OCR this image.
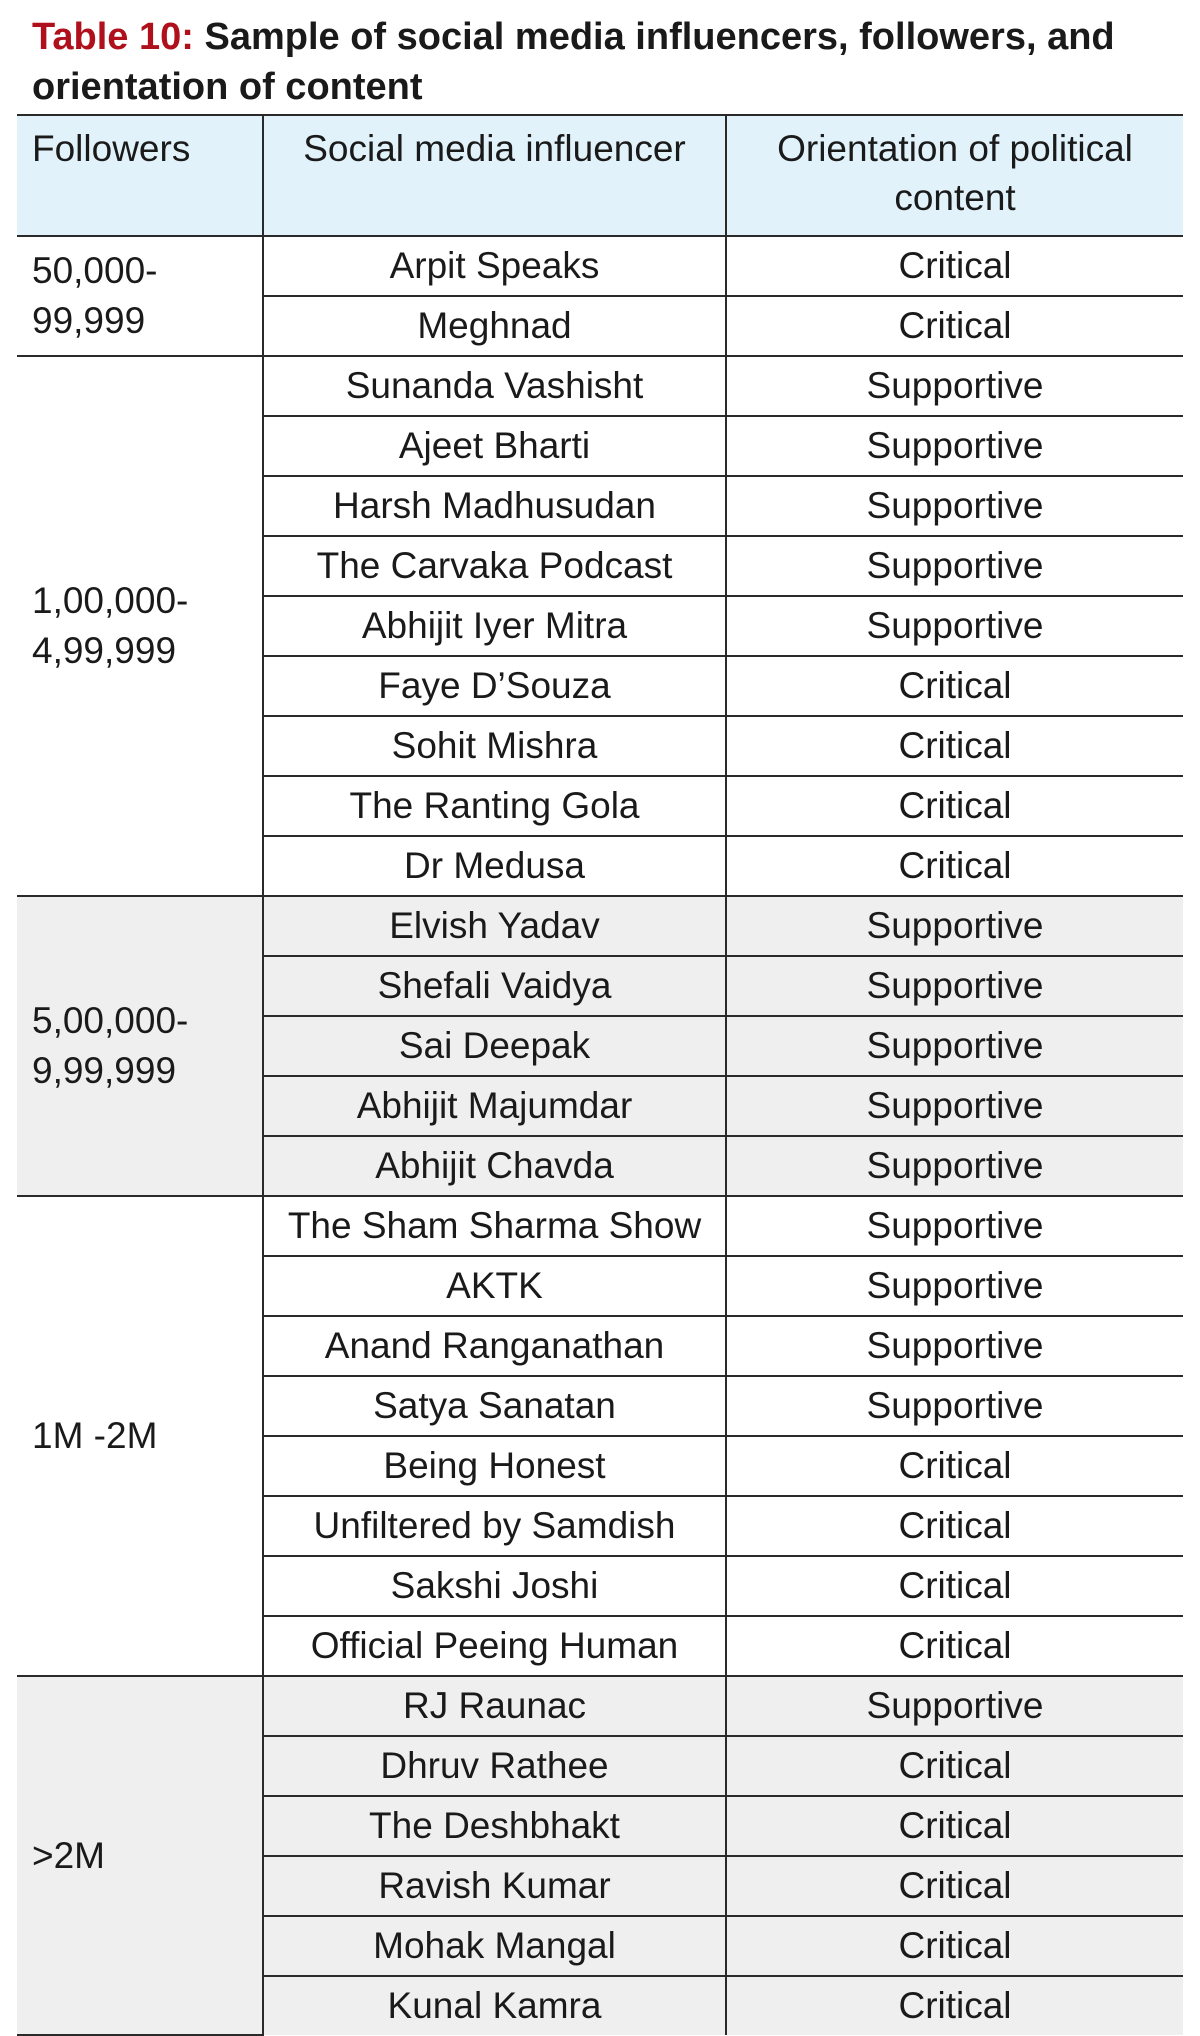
Table 10: Sample of social media influencers, followers, and orientation of content
Followers	Social media influencer	Orientation of political content
50,000-99,999	Arpit Speaks	Critical
	Meghnad	Critical
1,00,000-4,99,999	Sunanda Vashisht	Supportive
	Ajeet Bharti	Supportive
	Harsh Madhusudan	Supportive
	The Carvaka Podcast	Supportive
	Abhijit Iyer Mitra	Supportive
	Faye D’Souza	Critical
	Sohit Mishra	Critical
	The Ranting Gola	Critical
	Dr Medusa	Critical
5,00,000-9,99,999	Elvish Yadav	Supportive
	Shefali Vaidya	Supportive
	Sai Deepak	Supportive
	Abhijit Majumdar	Supportive
	Abhijit Chavda	Supportive
1M -2M	The Sham Sharma Show	Supportive
	AKTK	Supportive
	Anand Ranganathan	Supportive
	Satya Sanatan	Supportive
	Being Honest	Critical
	Unfiltered by Samdish	Critical
	Sakshi Joshi	Critical
	Official Peeing Human	Critical
>2M	RJ Raunac	Supportive
	Dhruv Rathee	Critical
	The Deshbhakt	Critical
	Ravish Kumar	Critical
	Mohak Mangal	Critical
	Kunal Kamra	Critical
